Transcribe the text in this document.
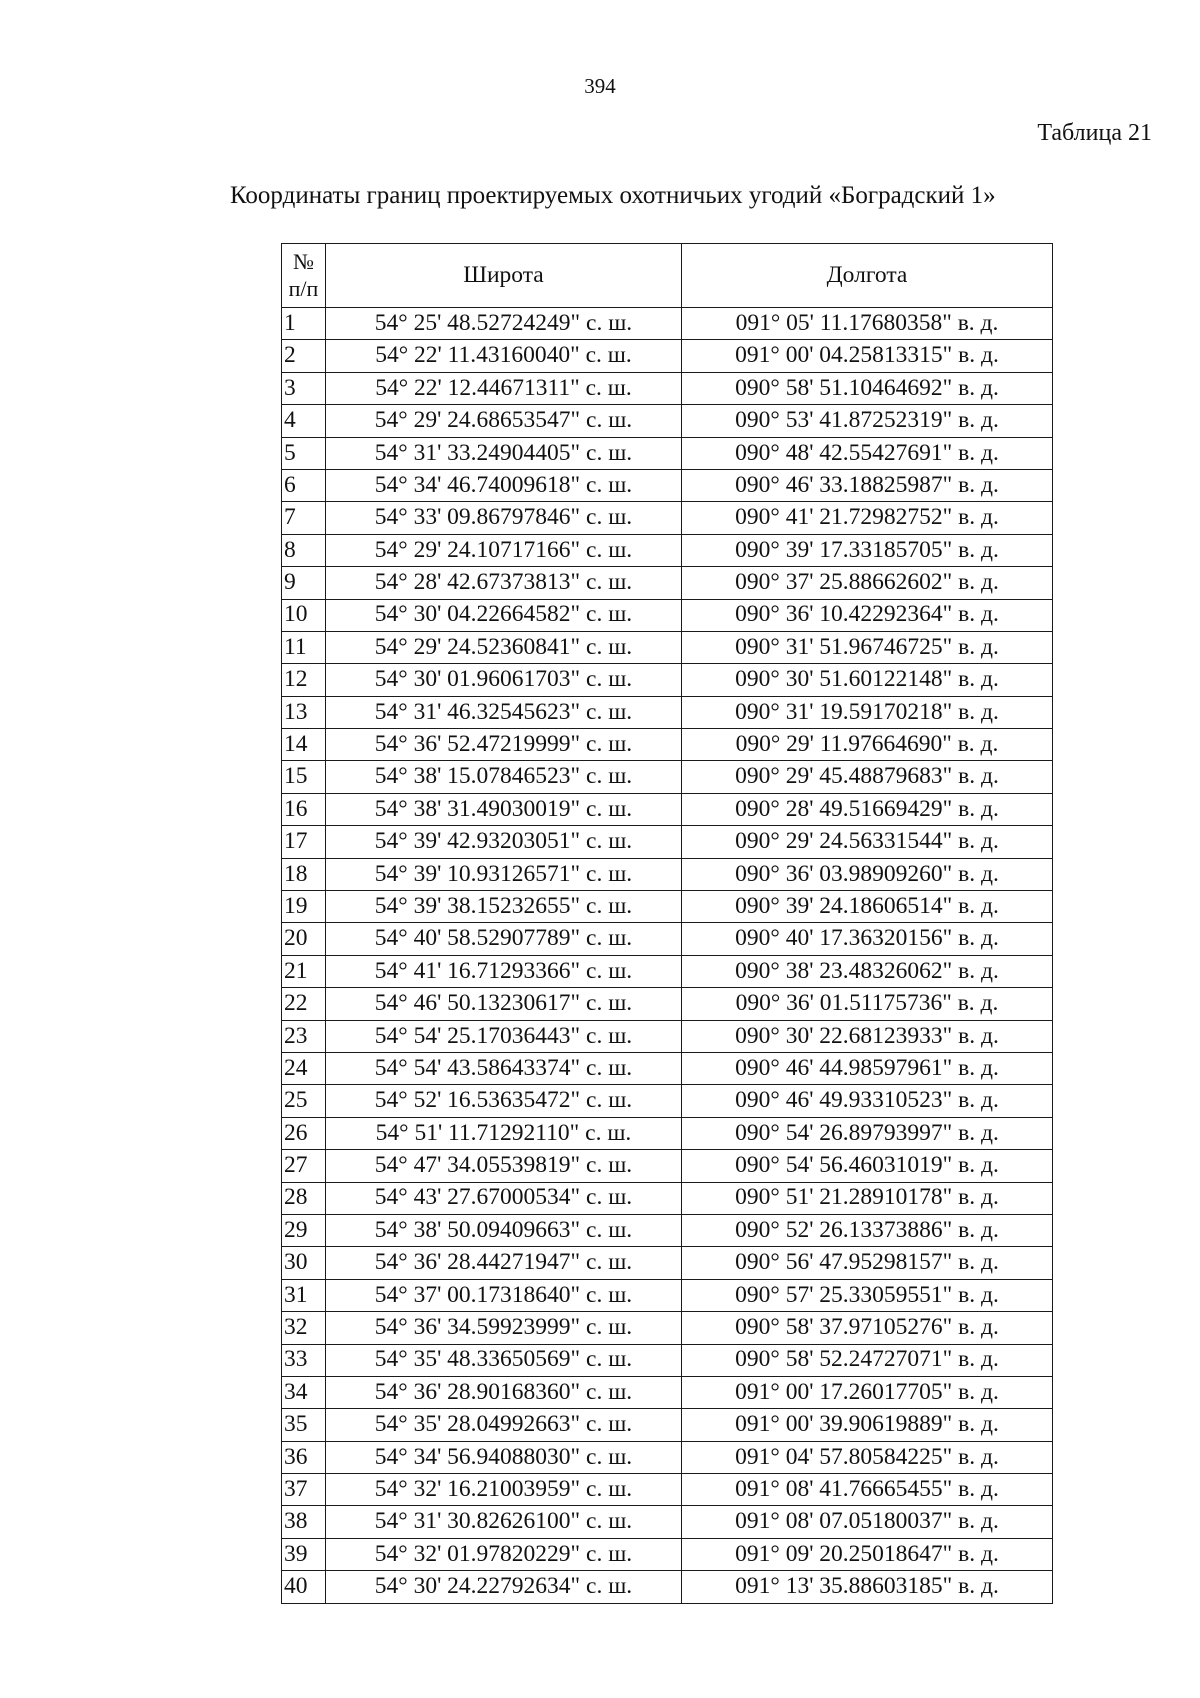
394
Таблица 21
Координаты границ проектируемых охотничьих угодий «Боградский 1»
№
п/п	Широта	Долгота
1	54° 25' 48.52724249" с. ш.	091° 05' 11.17680358" в. д.
2	54° 22' 11.43160040" с. ш.	091° 00' 04.25813315" в. д.
3	54° 22' 12.44671311" с. ш.	090° 58' 51.10464692" в. д.
4	54° 29' 24.68653547" с. ш.	090° 53' 41.87252319" в. д.
5	54° 31' 33.24904405" с. ш.	090° 48' 42.55427691" в. д.
6	54° 34' 46.74009618" с. ш.	090° 46' 33.18825987" в. д.
7	54° 33' 09.86797846" с. ш.	090° 41' 21.72982752" в. д.
8	54° 29' 24.10717166" с. ш.	090° 39' 17.33185705" в. д.
9	54° 28' 42.67373813" с. ш.	090° 37' 25.88662602" в. д.
10	54° 30' 04.22664582" с. ш.	090° 36' 10.42292364" в. д.
11	54° 29' 24.52360841" с. ш.	090° 31' 51.96746725" в. д.
12	54° 30' 01.96061703" с. ш.	090° 30' 51.60122148" в. д.
13	54° 31' 46.32545623" с. ш.	090° 31' 19.59170218" в. д.
14	54° 36' 52.47219999" с. ш.	090° 29' 11.97664690" в. д.
15	54° 38' 15.07846523" с. ш.	090° 29' 45.48879683" в. д.
16	54° 38' 31.49030019" с. ш.	090° 28' 49.51669429" в. д.
17	54° 39' 42.93203051" с. ш.	090° 29' 24.56331544" в. д.
18	54° 39' 10.93126571" с. ш.	090° 36' 03.98909260" в. д.
19	54° 39' 38.15232655" с. ш.	090° 39' 24.18606514" в. д.
20	54° 40' 58.52907789" с. ш.	090° 40' 17.36320156" в. д.
21	54° 41' 16.71293366" с. ш.	090° 38' 23.48326062" в. д.
22	54° 46' 50.13230617" с. ш.	090° 36' 01.51175736" в. д.
23	54° 54' 25.17036443" с. ш.	090° 30' 22.68123933" в. д.
24	54° 54' 43.58643374" с. ш.	090° 46' 44.98597961" в. д.
25	54° 52' 16.53635472" с. ш.	090° 46' 49.93310523" в. д.
26	54° 51' 11.71292110" с. ш.	090° 54' 26.89793997" в. д.
27	54° 47' 34.05539819" с. ш.	090° 54' 56.46031019" в. д.
28	54° 43' 27.67000534" с. ш.	090° 51' 21.28910178" в. д.
29	54° 38' 50.09409663" с. ш.	090° 52' 26.13373886" в. д.
30	54° 36' 28.44271947" с. ш.	090° 56' 47.95298157" в. д.
31	54° 37' 00.17318640" с. ш.	090° 57' 25.33059551" в. д.
32	54° 36' 34.59923999" с. ш.	090° 58' 37.97105276" в. д.
33	54° 35' 48.33650569" с. ш.	090° 58' 52.24727071" в. д.
34	54° 36' 28.90168360" с. ш.	091° 00' 17.26017705" в. д.
35	54° 35' 28.04992663" с. ш.	091° 00' 39.90619889" в. д.
36	54° 34' 56.94088030" с. ш.	091° 04' 57.80584225" в. д.
37	54° 32' 16.21003959" с. ш.	091° 08' 41.76665455" в. д.
38	54° 31' 30.82626100" с. ш.	091° 08' 07.05180037" в. д.
39	54° 32' 01.97820229" с. ш.	091° 09' 20.25018647" в. д.
40	54° 30' 24.22792634" с. ш.	091° 13' 35.88603185" в. д.
